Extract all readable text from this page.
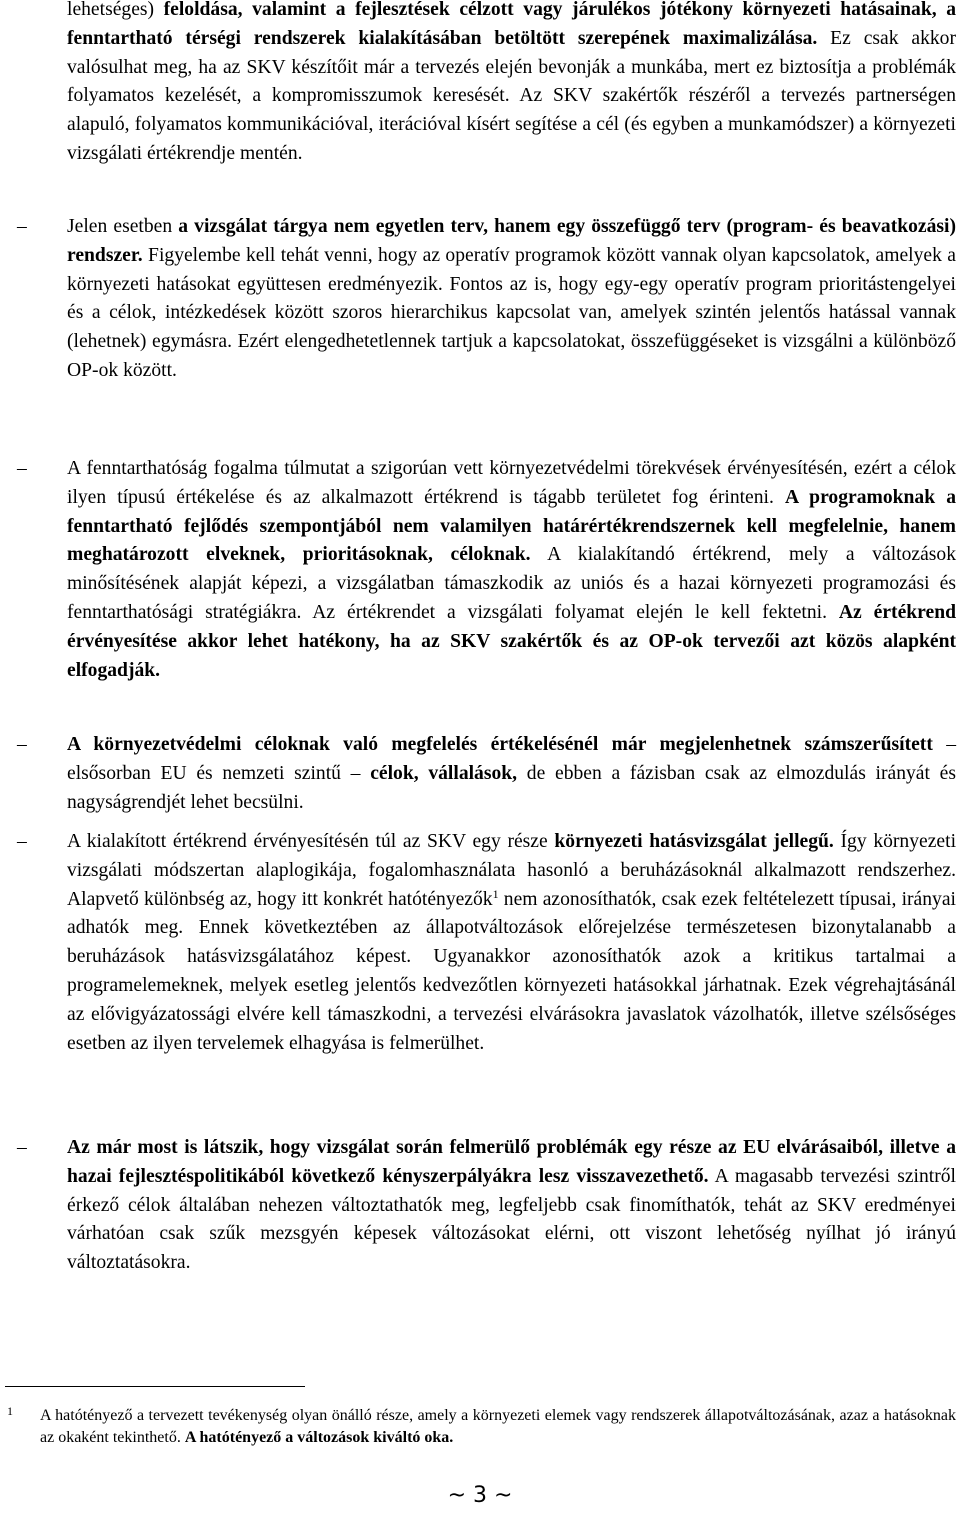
lehetséges) feloldása, valamint a fejlesztések célzott vagy járulékos jótékony környezeti hatásainak, a fenntartható térségi rendszerek kialakításában betöltött szerepének maximalizálása. Ez csak akkor valósulhat meg, ha az SKV készítőit már a tervezés elején bevonják a munkába, mert ez biztosítja a problémák folyamatos kezelését, a kompromisszumok keresését. Az SKV szakértők részéről a tervezés partnerségen alapuló, folyamatos kommunikációval, iterációval kísért segítése a cél (és egyben a munkamódszer) a környezeti vizsgálati értékrendje mentén.
– Jelen esetben a vizsgálat tárgya nem egyetlen terv, hanem egy összefüggő terv (program- és beavatkozási) rendszer. Figyelembe kell tehát venni, hogy az operatív programok között vannak olyan kapcsolatok, amelyek a környezeti hatásokat együttesen eredményezik. Fontos az is, hogy egy-egy operatív program prioritástengelyei és a célok, intézkedések között szoros hierarchikus kapcsolat van, amelyek szintén jelentős hatással vannak (lehetnek) egymásra. Ezért elengedhetetlennek tartjuk a kapcsolatokat, összefüggéseket is vizsgálni a különböző OP-ok között.
– A fenntarthatóság fogalma túlmutat a szigorúan vett környezetvédelmi törekvések érvényesítésén, ezért a célok ilyen típusú értékelése és az alkalmazott értékrend is tágabb területet fog érinteni. A programoknak a fenntartható fejlődés szempontjából nem valamilyen határértékrendszernek kell megfelelnie, hanem meghatározott elveknek, prioritásoknak, céloknak. A kialakítandó értékrend, mely a változások minősítésének alapját képezi, a vizsgálatban támaszkodik az uniós és a hazai környezeti programozási és fenntarthatósági stratégiákra. Az értékrendet a vizsgálati folyamat elején le kell fektetni. Az értékrend érvényesítése akkor lehet hatékony, ha az SKV szakértők és az OP-ok tervezői azt közös alapként elfogadják.
– A környezetvédelmi céloknak való megfelelés értékelésénél már megjelenhetnek számszerűsített – elsősorban EU és nemzeti szintű – célok, vállalások, de ebben a fázisban csak az elmozdulás irányát és nagyságrendjét lehet becsülni.
– A kialakított értékrend érvényesítésén túl az SKV egy része környezeti hatásvizsgálat jellegű. Így környezeti vizsgálati módszertan alaplogikája, fogalomhasználata hasonló a beruházásoknál alkalmazott rendszerhez. Alapvető különbség az, hogy itt konkrét hatótényezők$^1$ nem azonosíthatók, csak ezek feltételezett típusai, irányai adhatók meg. Ennek következtében az állapotváltozások előrejelzése természetesen bizonytalanabb a beruházások hatásvizsgálatához képest. Ugyanakkor azonosíthatók azok a kritikus tartalmai a programelemeknek, melyek esetleg jelentős kedvezőtlen környezeti hatásokkal járhatnak. Ezek végrehajtásánál az elővigyázatossági elvére kell támaszkodni, a tervezési elvárásokra javaslatok vázolhatók, illetve szélsőséges esetben az ilyen tervelemek elhagyása is felmerülhet.
– Az már most is látszik, hogy vizsgálat során felmerülő problémák egy része az EU elvárásaiból, illetve a hazai fejlesztéspolitikából következő kényszerpályákra lesz visszavezethető. A magasabb tervezési szintről érkező célok általában nehezen változtathatók meg, legfeljebb csak finomíthatók, tehát az SKV eredményei várhatóan csak szűk mezsgyén képesek változásokat elérni, ott viszont lehetőség nyílhat jó irányú változtatásokra.
1 A hatótényező a tervezett tevékenység olyan önálló része, amely a környezeti elemek vagy rendszerek állapotváltozásának, azaz a hatásoknak az okaként tekinthető. A hatótényező a változások kiváltó oka.
~ 3 ~
